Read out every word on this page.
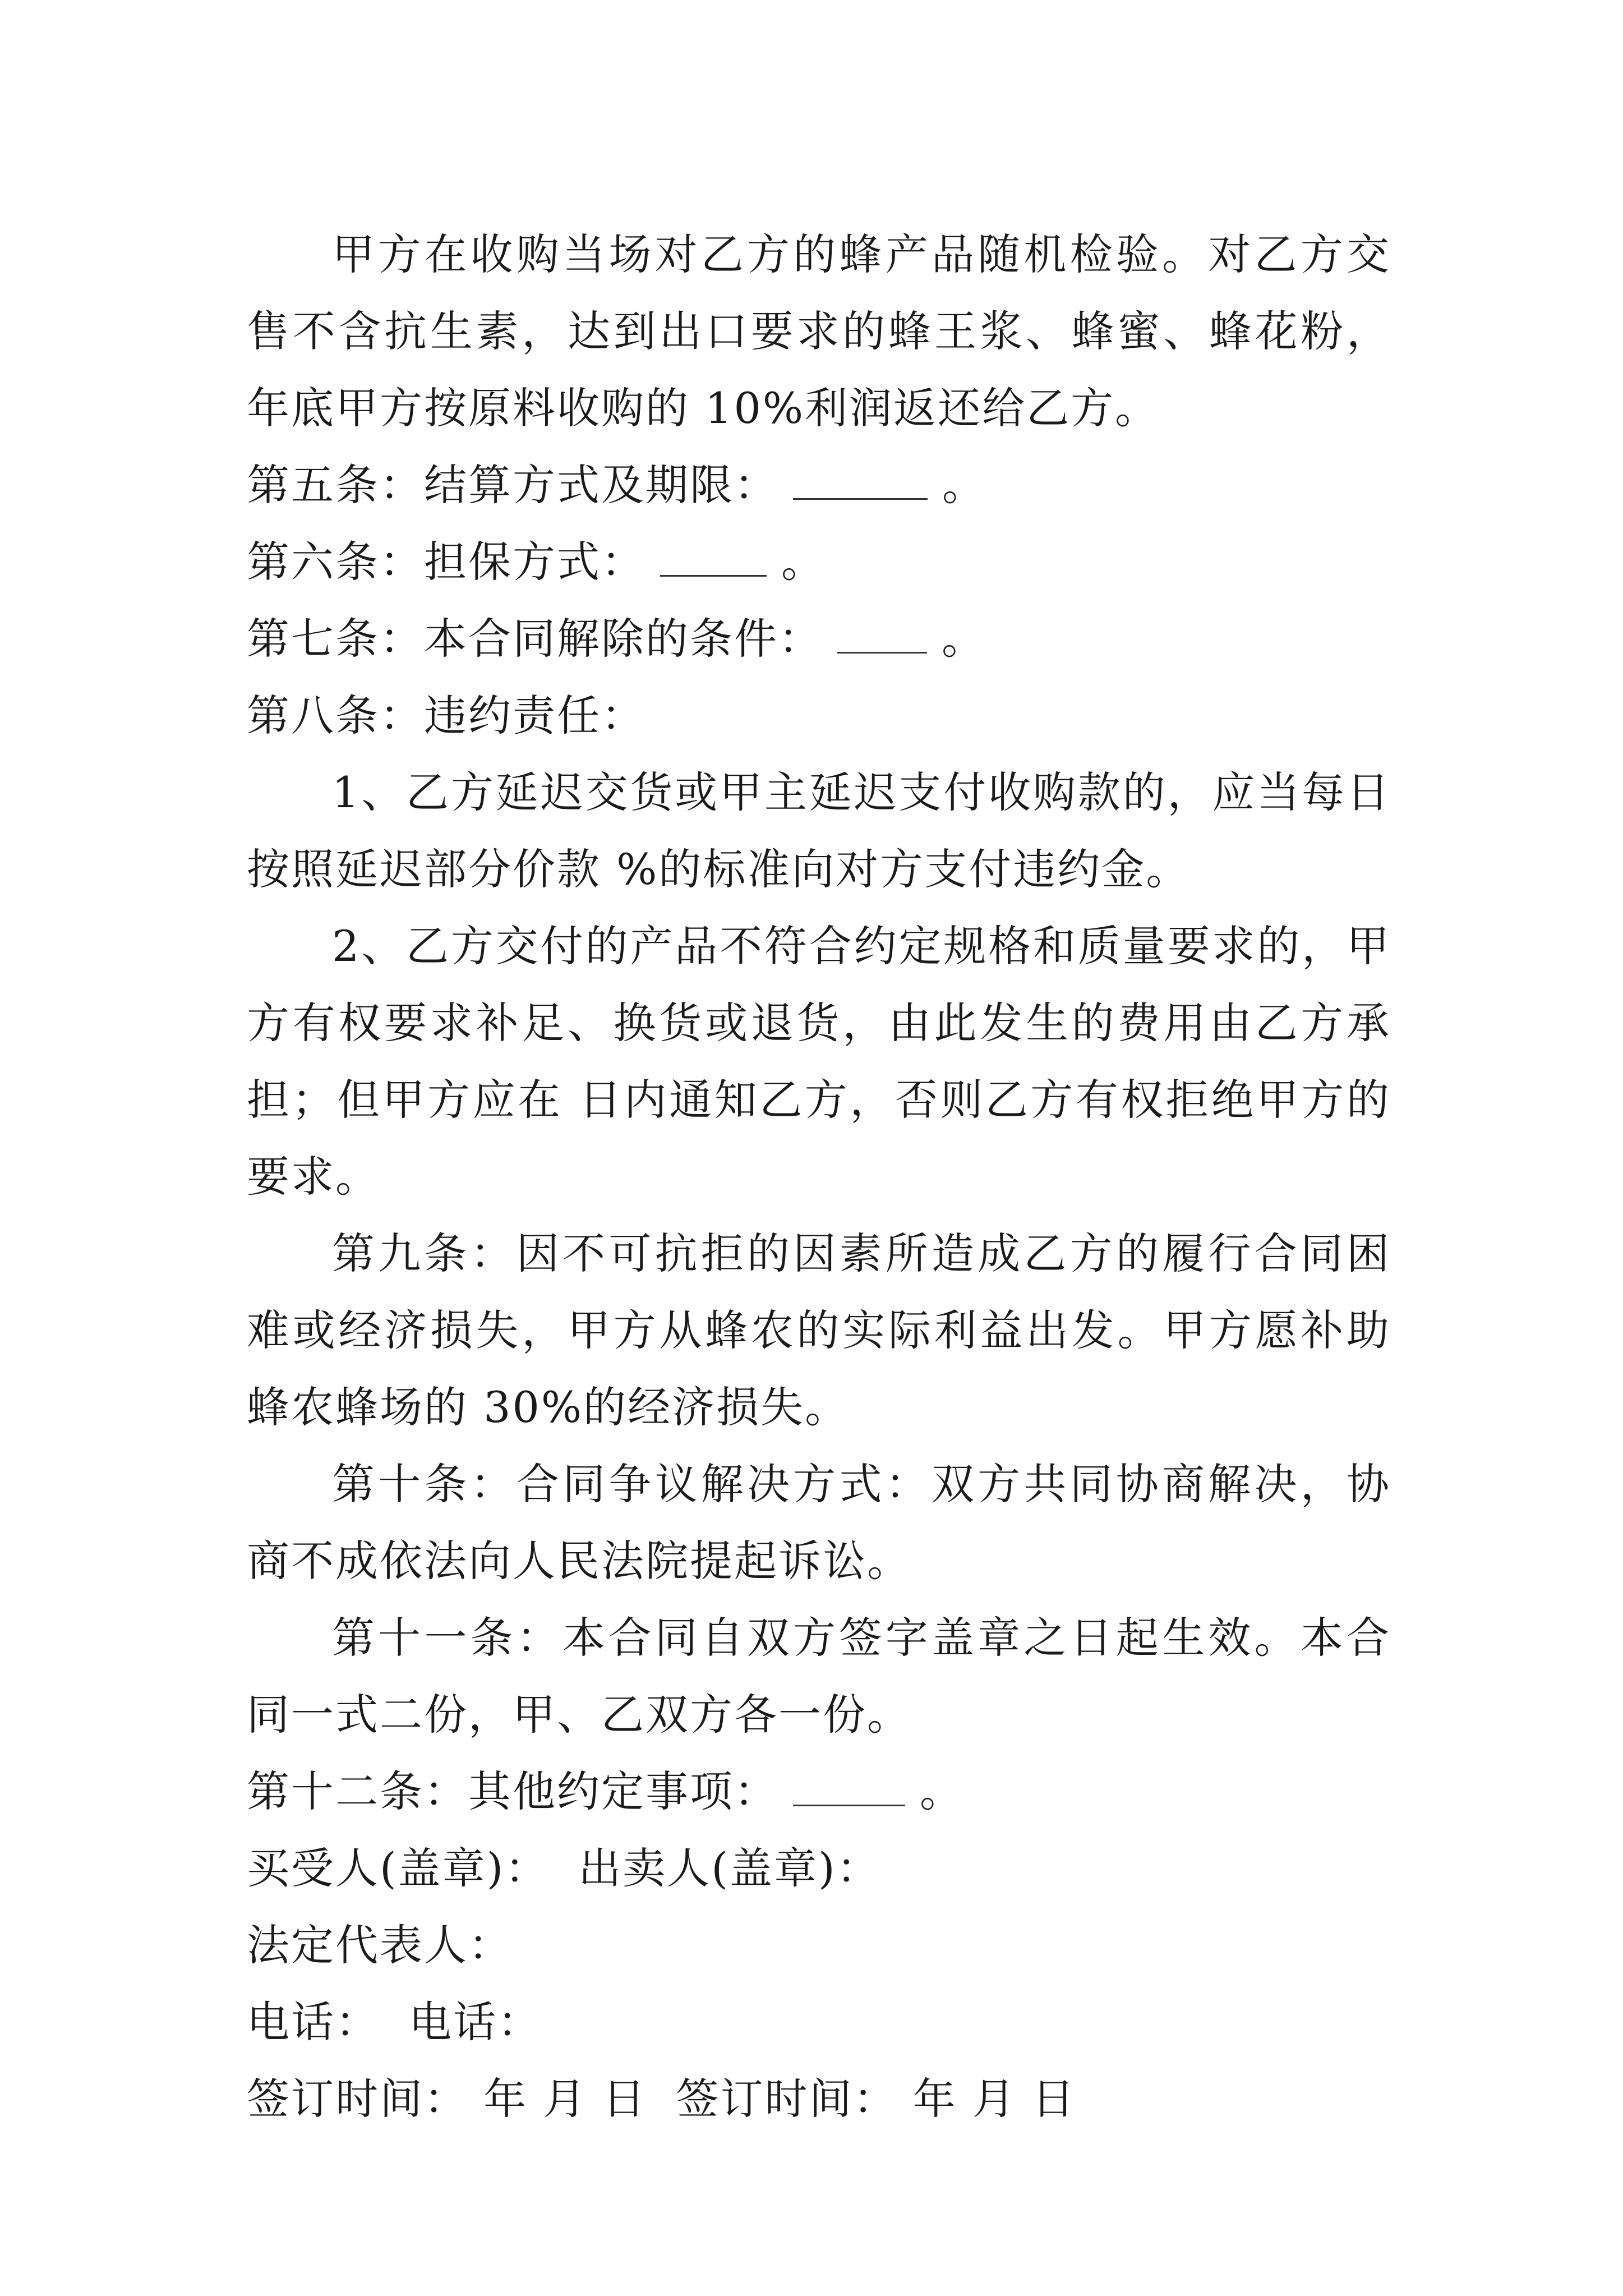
甲方在收购当场对乙方的蜂产品随机检验。对乙方交售不含抗生素，达到出口要求的蜂王浆、蜂蜜、蜂花粉，年底甲方按原料收购的 10%利润返还给乙方。

第五条：结算方式及期限：	。

第六条：担保方式：	。

第七条：本合同解除的条件：	。

第八条：违约责任：

1、乙方延迟交货或甲主延迟支付收购款的，应当每日按照延迟部分价款 %的标准向对方支付违约金。

2、乙方交付的产品不符合约定规格和质量要求的，甲方有权要求补足、换货或退货，由此发生的费用由乙方承担；但甲方应在 日内通知乙方，否则乙方有权拒绝甲方的要求。

第九条：因不可抗拒的因素所造成乙方的履行合同困难或经济损失，甲方从蜂农的实际利益出发。甲方愿补助蜂农蜂场的 30%的经济损失。

第十条：合同争议解决方式：双方共同协商解决，协商不成依法向人民法院提起诉讼。

第十一条：本合同自双方签字盖章之日起生效。本合同一式二份，甲、乙双方各一份。

第十二条：其他约定事项：	。

买受人(盖章)： 出卖人(盖章)：

法定代表人：

电话： 电话：

签订时间： 年 月 日 签订时间： 年 月 日
